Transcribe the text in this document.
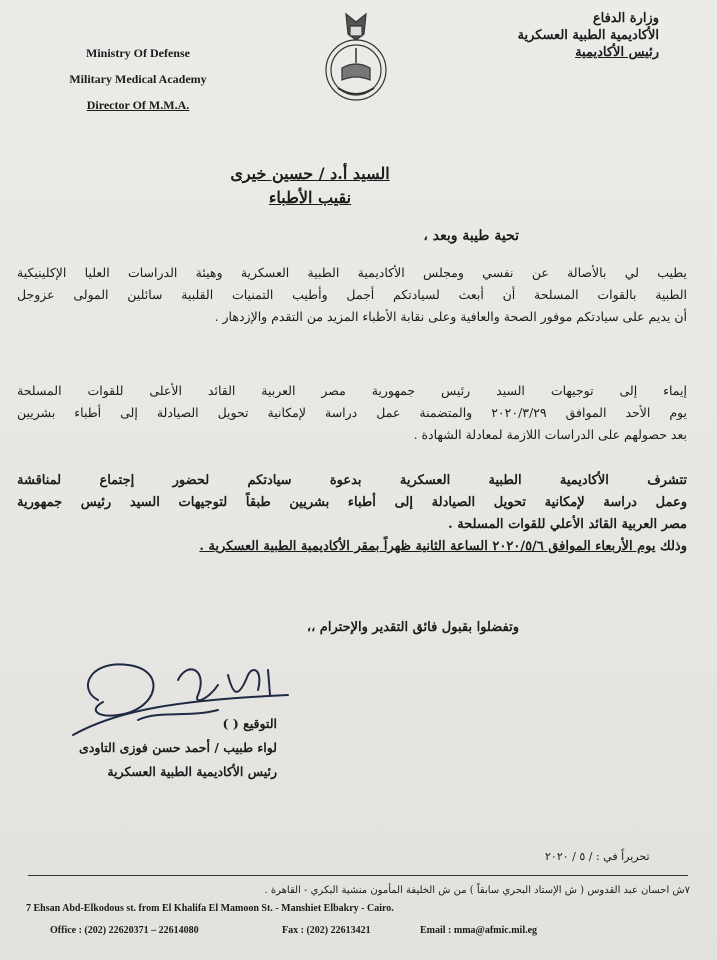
Ministry Of Defense
Military Medical Academy
Director Of M.M.A.
وزارة الدفاع
الأكاديمية الطبية العسكرية
رئيس الأكاديمية
السيد أ.د / حسين خيرى
نقيب الأطباء
تحية طيبة وبعد ،
يطيب لي بالأصالة عن نفسي ومجلس الأكاديمية الطبية العسكرية وهيئة الدراسات العليا الإكلينيكية
الطبية بالقوات المسلحة أن أبعث لسيادتكم أجمل وأطيب التمنيات القلبية سائلين المولى عزوجل
أن يديم على سيادتكم موفور الصحة والعافية وعلى نقابة الأطباء المزيد من التقدم والإزدهار .
إيماء إلى توجيهات السيد رئيس جمهورية مصر العربية القائد الأعلى للقوات المسلحة
يوم الأحد الموافق ٢٠٢٠/٣/٢٩ والمتضمنة عمل دراسة لإمكانية تحويل الصيادلة إلى أطباء بشريين
بعد حصولهم على الدراسات اللازمة لمعادلة الشهادة .
تتشرف الأكاديمية الطبية العسكرية بدعوة سيادتكم لحضور إجتماع لمناقشة
وعمل دراسة لإمكانية تحويل الصيادلة إلى أطباء بشريين طبقاً لتوجيهات السيد رئيس جمهورية
مصر العربية القائد الأعلي للقوات المسلحة .
وذلك يوم الأربعاء الموافق ٢٠٢٠/٥/٦ الساعة الثانية ظهراً بمقر الأكاديمية الطبية العسكرية .
وتفضلوا بقبول فائق التقدير والإحترام ،،
التوقيع ( )
لواء طبيب / أحمد حسن فوزى التاودى
رئيس الأكاديمية الطبية العسكرية
تحريراً في : / ٥ / ٢٠٢٠
٧ش احسان عبد القدوس ( ش الإستاد البحري سابقاً ) من ش الخليفة المأمون منشية البكري - القاهرة .
7 Ehsan Abd-Elkodous st. from El Khalifa El Mamoon St. - Manshiet Elbakry - Cairo.
Office : (202) 22620371 – 22614080	Fax : (202) 22613421	Email : mma@afmic.mil.eg
